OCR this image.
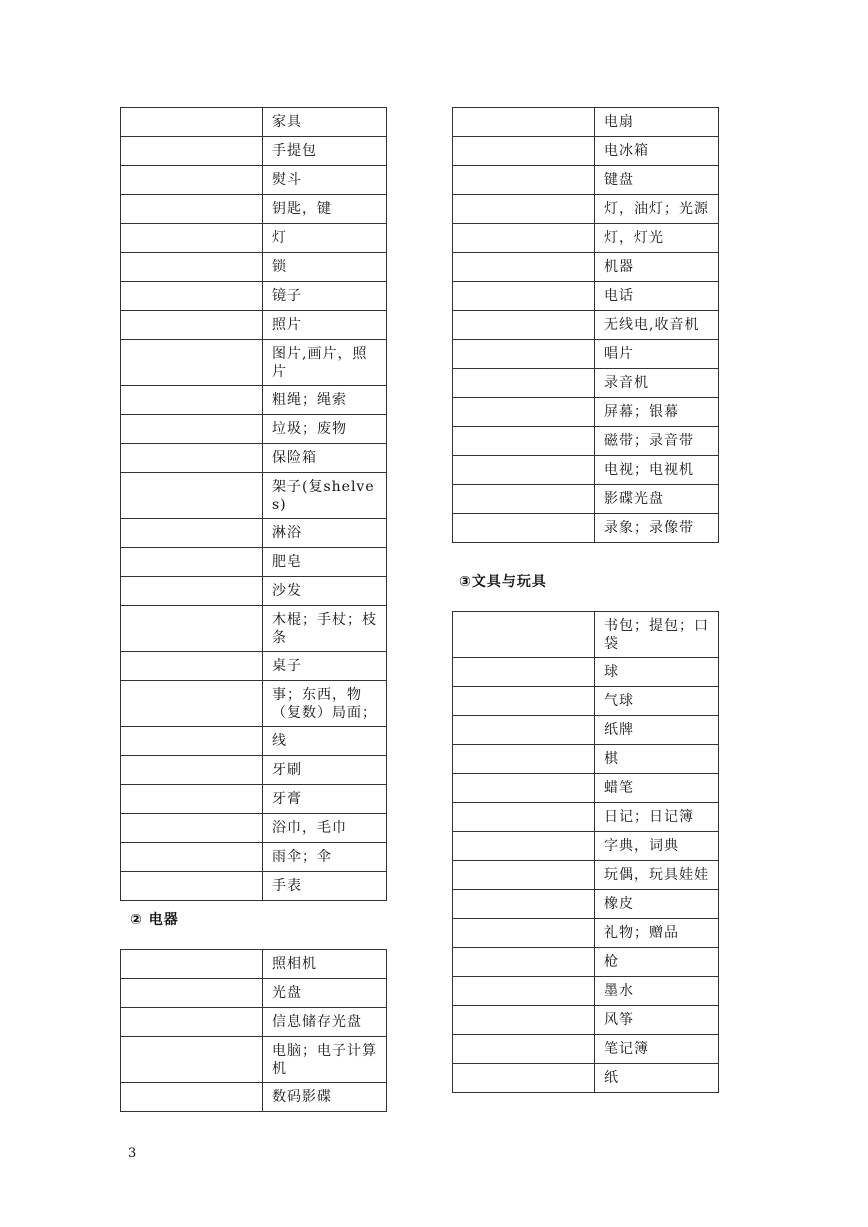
	家具
	手提包
	熨斗
	钥匙，键
	灯
	锁
	镜子
	照片
	图片,画片，照片
	粗绳；绳索
	垃圾；废物
	保险箱
	架子(复shelves)
	淋浴
	肥皂
	沙发
	木棍；手杖；枝条
	桌子
	事；东西，物（复数）局面；
	线
	牙刷
	牙膏
	浴巾，毛巾
	雨伞；伞
	手表
② 电器
	照相机
	光盘
	信息储存光盘
	电脑；电子计算机
	数码影碟
	电扇
	电冰箱
	键盘
	灯，油灯；光源
	灯，灯光
	机器
	电话
	无线电,收音机
	唱片
	录音机
	屏幕；银幕
	磁带；录音带
	电视；电视机
	影碟光盘
	录象；录像带
③文具与玩具
	书包；提包；口袋
	球
	气球
	纸牌
	棋
	蜡笔
	日记；日记簿
	字典，词典
	玩偶，玩具娃娃
	橡皮
	礼物；赠品
	枪
	墨水
	风筝
	笔记簿
	纸
3
